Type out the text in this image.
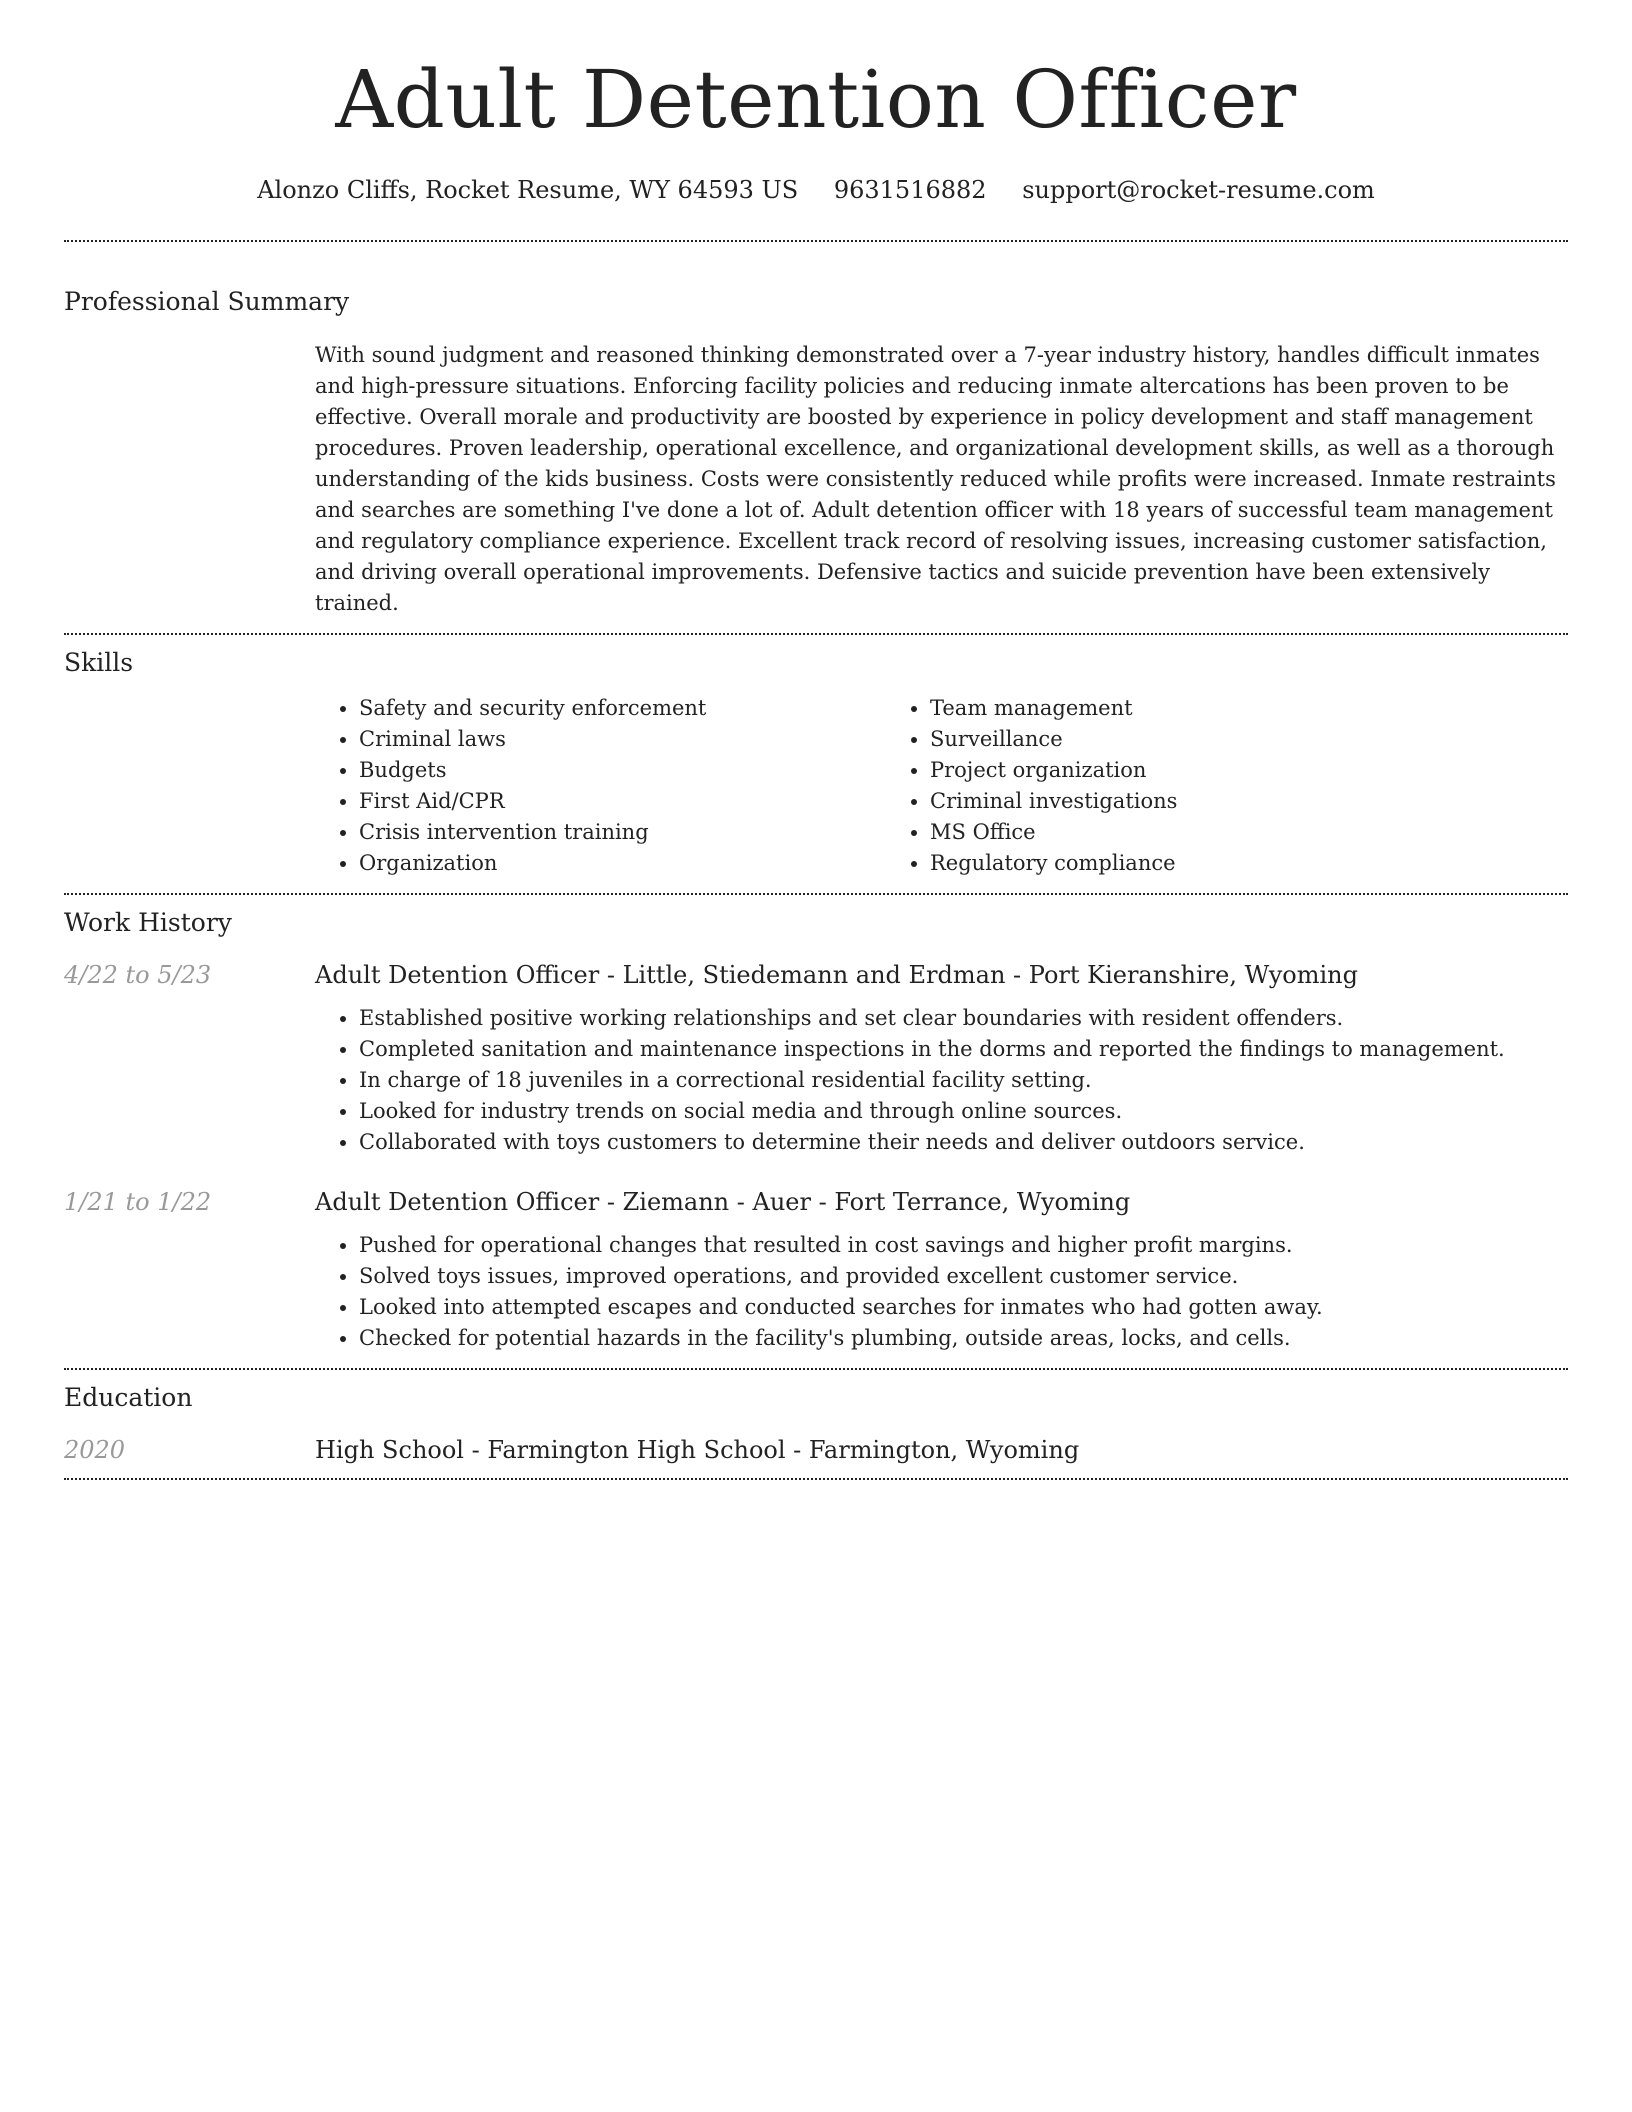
Adult Detention Officer
Alonzo Cliffs, Rocket Resume, WY 64593 US 9631516882 support@rocket-resume.com
Professional Summary
With sound judgment and reasoned thinking demonstrated over a 7-year industry history, handles difficult inmates and high-pressure situations. Enforcing facility policies and reducing inmate altercations has been proven to be effective. Overall morale and productivity are boosted by experience in policy development and staff management procedures. Proven leadership, operational excellence, and organizational development skills, as well as a thorough understanding of the kids business. Costs were consistently reduced while profits were increased. Inmate restraints and searches are something I've done a lot of. Adult detention officer with 18 years of successful team management and regulatory compliance experience. Excellent track record of resolving issues, increasing customer satisfaction, and driving overall operational improvements. Defensive tactics and suicide prevention have been extensively trained.
Skills
• Safety and security enforcement
• Criminal laws
• Budgets
• First Aid/CPR
• Crisis intervention training
• Organization
• Team management
• Surveillance
• Project organization
• Criminal investigations
• MS Office
• Regulatory compliance
Work History
4/22 to 5/23	Adult Detention Officer - Little, Stiedemann and Erdman - Port Kieranshire, Wyoming
• Established positive working relationships and set clear boundaries with resident offenders.
• Completed sanitation and maintenance inspections in the dorms and reported the findings to management.
• In charge of 18 juveniles in a correctional residential facility setting.
• Looked for industry trends on social media and through online sources.
• Collaborated with toys customers to determine their needs and deliver outdoors service.
1/21 to 1/22	Adult Detention Officer - Ziemann - Auer - Fort Terrance, Wyoming
• Pushed for operational changes that resulted in cost savings and higher profit margins.
• Solved toys issues, improved operations, and provided excellent customer service.
• Looked into attempted escapes and conducted searches for inmates who had gotten away.
• Checked for potential hazards in the facility's plumbing, outside areas, locks, and cells.
Education
2020	High School - Farmington High School - Farmington, Wyoming
